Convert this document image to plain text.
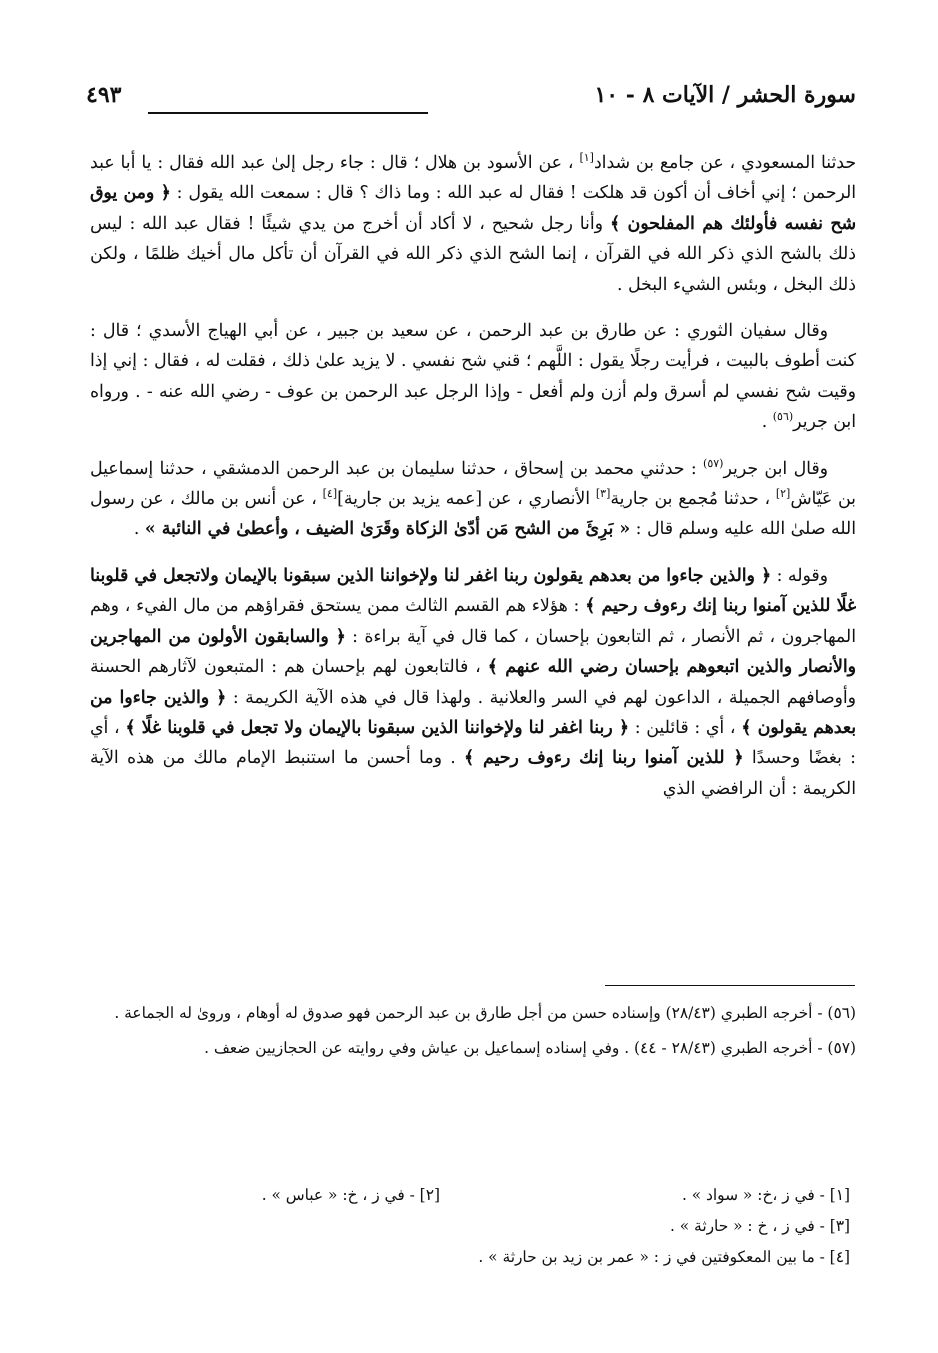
سورة الحشر / الآيات ٨ - ١٠
٤٩٣

حدثنا المسعودي ، عن جامع بن شداد[١] ، عن الأسود بن هلال ؛ قال : جاء رجل إلىٰ عبد الله فقال : يا أبا عبد الرحمن ؛ إني أخاف أن أكون قد هلكت ! فقال له عبد الله : وما ذاك ؟ قال : سمعت الله يقول : ﴿ ومن يوق شح نفسه فأولئك هم المفلحون ﴾ وأنا رجل شحيح ، لا أكاد أن أخرج من يدي شيئًا ! فقال عبد الله : ليس ذلك بالشح الذي ذكر الله في القرآن ، إنما الشح الذي ذكر الله في القرآن أن تأكل مال أخيك ظلمًا ، ولكن ذلك البخل ، وبئس الشيء البخل .

وقال سفيان الثوري : عن طارق بن عبد الرحمن ، عن سعيد بن جبير ، عن أبي الهياج الأسدي ؛ قال : كنت أطوف بالبيت ، فرأيت رجلًا يقول : اللَّهم ؛ قني شح نفسي . لا يزيد علىٰ ذلك ، فقلت له ، فقال : إني إذا وقيت شح نفسي لم أسرق ولم أزن ولم أفعل - وإذا الرجل عبد الرحمن بن عوف - رضي الله عنه - . ورواه ابن جرير$^{(٥٦)}$ .

وقال ابن جرير$^{(٥٧)}$ : حدثني محمد بن إسحاق ، حدثنا سليمان بن عبد الرحمن الدمشقي ، حدثنا إسماعيل بن عَيّاش[٢] ، حدثنا مُجمع بن جارية[٣] الأنصاري ، عن [عمه يزيد بن جارية][٤] ، عن أنس بن مالك ، عن رسول الله صلىٰ الله عليه وسلم قال : « بَرِئَ من الشح مَن أدّىٰ الزكاة وقَرَىٰ الضيف ، وأعطىٰ في النائبة » .

وقوله : ﴿ والذين جاءوا من بعدهم يقولون ربنا اغفر لنا ولإخواننا الذين سبقونا بالإيمان ولاتجعل في قلوبنا غلًا للذين آمنوا ربنا إنك رءوف رحيم ﴾ : هؤلاء هم القسم الثالث ممن يستحق فقراؤهم من مال الفيء ، وهم المهاجرون ، ثم الأنصار ، ثم التابعون بإحسان ، كما قال في آية براءة : ﴿ والسابقون الأولون من المهاجرين والأنصار والذين اتبعوهم بإحسان رضي الله عنهم ﴾ ، فالتابعون لهم بإحسان هم : المتبعون لآثارهم الحسنة وأوصافهم الجميلة ، الداعون لهم في السر والعلانية . ولهذا قال في هذه الآية الكريمة : ﴿ والذين جاءوا من بعدهم يقولون ﴾ ، أي : قائلين : ﴿ ربنا اغفر لنا ولإخواننا الذين سبقونا بالإيمان ولا تجعل في قلوبنا غلًا ﴾ ، أي : بغضًا وحسدًا ﴿ للذين آمنوا ربنا إنك رءوف رحيم ﴾ . وما أحسن ما استنبط الإمام مالك من هذه الآية الكريمة : أن الرافضي الذي

(٥٦) - أخرجه الطبري (٢٨/٤٣) وإسناده حسن من أجل طارق بن عبد الرحمن فهو صدوق له أوهام ، وروىٰ له الجماعة .

(٥٧) - أخرجه الطبري (٢٨/٤٣ - ٤٤) . وفي إسناده إسماعيل بن عياش وفي روايته عن الحجازيين ضعف .

[١] - في ز ،خ: « سواد » .
[٢] - في ز ، خ: « عباس » .
[٣] - في ز ، خ : « حارثة » .
[٤] - ما بين المعكوفتين في ز : « عمر بن زيد بن حارثة » .
